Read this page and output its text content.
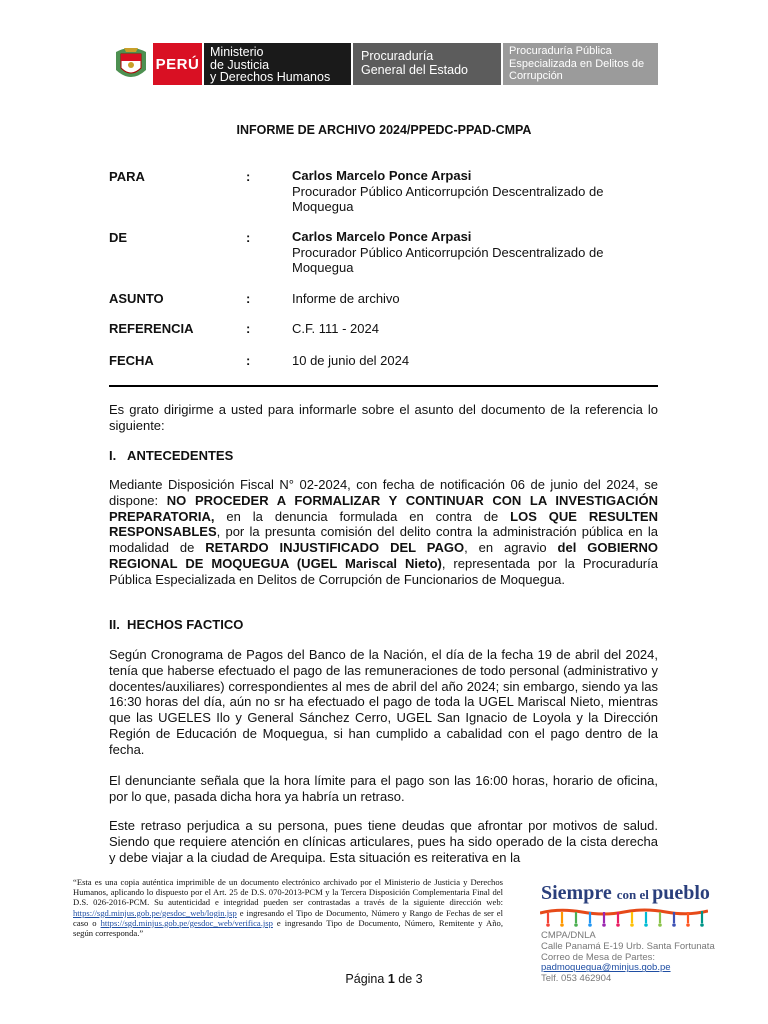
PERÚ
Ministerio
de Justicia
y Derechos Humanos
Procuraduría
General del Estado
Procuraduría Pública
Especializada en Delitos de
Corrupción
INFORME DE ARCHIVO 2024/PPEDC-PPAD-CMPA
PARA	:	Carlos Marcelo Ponce Arpasi
Procurador Público Anticorrupción Descentralizado de Moquegua
DE	:	Carlos Marcelo Ponce Arpasi
Procurador Público Anticorrupción Descentralizado de Moquegua
ASUNTO	:	Informe de archivo
REFERENCIA	:	C.F. 111 - 2024
FECHA	:	10 de junio del 2024
Es grato dirigirme a usted para informarle sobre el asunto del documento de la referencia lo siguiente:
I.   ANTECEDENTES
Mediante Disposición Fiscal N° 02-2024, con fecha de notificación 06 de junio del 2024, se dispone: NO PROCEDER A FORMALIZAR Y CONTINUAR CON LA INVESTIGACIÓN PREPARATORIA, en la denuncia formulada en contra de LOS QUE RESULTEN RESPONSABLES, por la presunta comisión del delito contra la administración pública en la modalidad de RETARDO INJUSTIFICADO DEL PAGO, en agravio del GOBIERNO REGIONAL DE MOQUEGUA (UGEL Mariscal Nieto), representada por la Procuraduría Pública Especializada en Delitos de Corrupción de Funcionarios de Moquegua.
II.  HECHOS FACTICO
Según Cronograma de Pagos del Banco de la Nación, el día de la fecha 19 de abril del 2024, tenía que haberse efectuado el pago de las remuneraciones de todo personal (administrativo y docentes/auxiliares) correspondientes al mes de abril del año 2024; sin embargo, siendo ya las 16:30 horas del día, aún no sr ha efectuado el pago de toda la UGEL Mariscal Nieto, mientras que las UGELES Ilo y General Sánchez Cerro, UGEL San Ignacio de Loyola y la Dirección Región de Educación de Moquegua, si han cumplido a cabalidad con el pago dentro de la fecha.
El denunciante señala que la hora límite para el pago son las 16:00 horas, horario de oficina, por lo que, pasada dicha hora ya habría un retraso.
Este retraso perjudica a su persona, pues tiene deudas que afrontar por motivos de salud. Siendo que requiere atención en clínicas articulares, pues ha sido operado de la cista derecha y debe viajar a la ciudad de Arequipa. Esta situación es reiterativa en la
“Esta es una copia auténtica imprimible de un documento electrónico archivado por el Ministerio de Justicia y Derechos Humanos, aplicando lo dispuesto por el Art. 25 de D.S. 070-2013-PCM y la Tercera Disposición Complementaria Final del D.S. 026-2016-PCM. Su autenticidad e integridad pueden ser contrastadas a través de la siguiente dirección web: https://sgd.minjus.gob.pe/gesdoc_web/login.jsp e ingresando el Tipo de Documento, Número y Rango de Fechas de ser el caso o https://sgd.minjus.gob.pe/gesdoc_web/verifica.jsp e ingresando Tipo de Documento, Número, Remitente y Año, según corresponda.”
Siempre con el pueblo
CMPA/DNLA
Calle Panamá E-19 Urb. Santa Fortunata
Correo de Mesa de Partes:
padmoquegua@minjus.gob.pe
Telf. 053 462904
Página 1 de 3
